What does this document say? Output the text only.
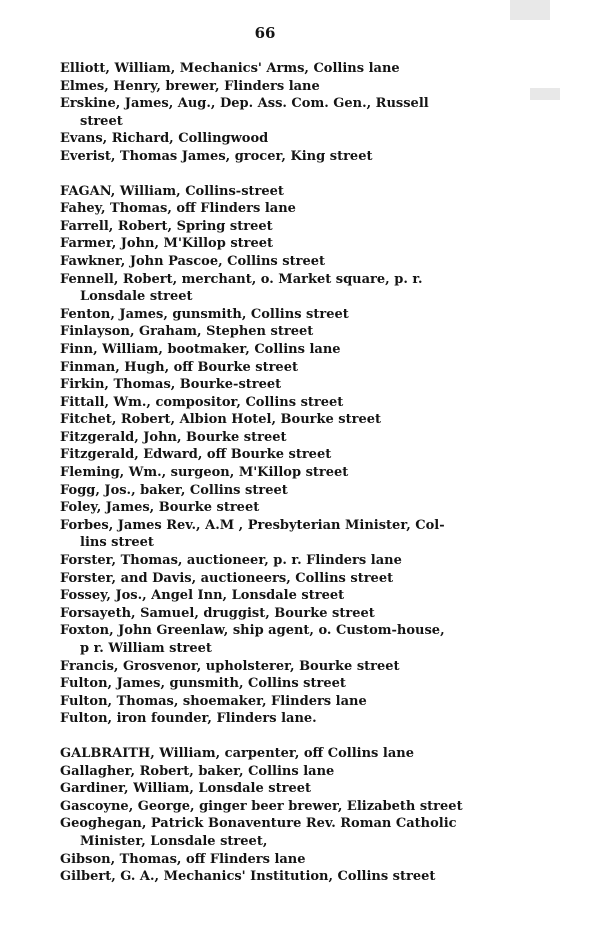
66
Elliott, William, Mechanics' Arms, Collins lane
Elmes, Henry, brewer, Flinders lane
Erskine, James, Aug., Dep. Ass. Com. Gen., Russell
street
Evans, Richard, Collingwood
Everist, Thomas James, grocer, King street
FAGAN, William, Collins-street
Fahey, Thomas, off Flinders lane
Farrell, Robert, Spring street
Farmer, John, M'Killop street
Fawkner, John Pascoe, Collins street
Fennell, Robert, merchant, o. Market square, p. r.
Lonsdale street
Fenton, James, gunsmith, Collins street
Finlayson, Graham, Stephen street
Finn, William, bootmaker, Collins lane
Finman, Hugh, off Bourke street
Firkin, Thomas, Bourke-street
Fittall, Wm., compositor, Collins street
Fitchet, Robert, Albion Hotel, Bourke street
Fitzgerald, John, Bourke street
Fitzgerald, Edward, off Bourke street
Fleming, Wm., surgeon, M'Killop street
Fogg, Jos., baker, Collins street
Foley, James, Bourke street
Forbes, James Rev., A.M , Presbyterian Minister, Col-
lins street
Forster, Thomas, auctioneer, p. r. Flinders lane
Forster, and Davis, auctioneers, Collins street
Fossey, Jos., Angel Inn, Lonsdale street
Forsayeth, Samuel, druggist, Bourke street
Foxton, John Greenlaw, ship agent, o. Custom-house,
p r. William street
Francis, Grosvenor, upholsterer, Bourke street
Fulton, James, gunsmith, Collins street
Fulton, Thomas, shoemaker, Flinders lane
Fulton, iron founder, Flinders lane.
GALBRAITH, William, carpenter, off Collins lane
Gallagher, Robert, baker, Collins lane
Gardiner, William, Lonsdale street
Gascoyne, George, ginger beer brewer, Elizabeth street
Geoghegan, Patrick Bonaventure Rev. Roman Catholic
Minister, Lonsdale street,
Gibson, Thomas, off Flinders lane
Gilbert, G. A., Mechanics' Institution, Collins street
